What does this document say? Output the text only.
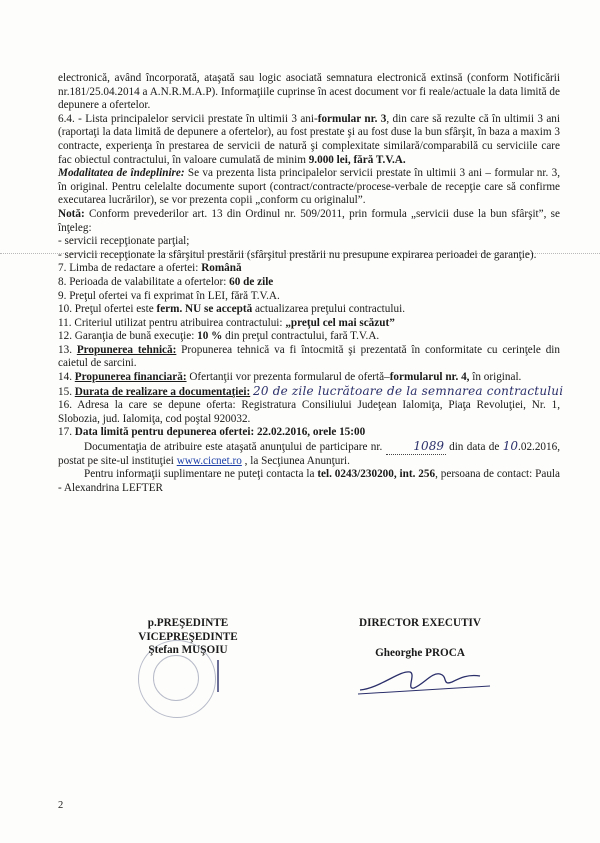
electronică, având încorporată, ataşată sau logic asociată semnatura electronică extinsă (conform Notificării nr.181/25.04.2014 a A.N.R.M.A.P). Informaţiile cuprinse în acest document vor fi reale/actuale la data limită de depunere a ofertelor.

6.4. - Lista principalelor servicii prestate în ultimii 3 ani-formular nr. 3, din care să rezulte că în ultimii 3 ani (raportaţi la data limită de depunere a ofertelor), au fost prestate şi au fost duse la bun sfârşit, în baza a maxim 3 contracte, experienţa în prestarea de servicii de natură şi complexitate similară/comparabilă cu serviciile care fac obiectul contractului, în valoare cumulată de minim 9.000 lei, fără T.V.A.

Modalitatea de îndeplinire: Se va prezenta lista principalelor servicii prestate în ultimii 3 ani – formular nr. 3, în original. Pentru celelalte documente suport (contract/contracte/procese-verbale de recepţie care să confirme executarea lucrărilor), se vor prezenta copii „conform cu originalul”.

Notă: Conform prevederilor art. 13 din Ordinul nr. 509/2011, prin formula „servicii duse la bun sfârşit”, se înţeleg:

- servicii recepţionate parţial;

- servicii recepţionate la sfârşitul prestării (sfârşitul prestării nu presupune expirarea perioadei de garanţie).

7. Limba de redactare a ofertei: Română

8. Perioada de valabilitate a ofertelor: 60 de zile

9. Preţul ofertei va fi exprimat în LEI, fără T.V.A.

10. Preţul ofertei este ferm. NU se acceptă actualizarea preţului contractului.

11. Criteriul utilizat pentru atribuirea contractului: „preţul cel mai scăzut”

12. Garanţia de bună execuţie: 10 % din preţul contractului, fară T.V.A.

13. Propunerea tehnică: Propunerea tehnică va fi întocmită şi prezentată în conformitate cu cerinţele din caietul de sarcini.

14. Propunerea financiară: Ofertanţii vor prezenta formularul de ofertă–formularul nr. 4, în original.

15. Durata de realizare a documentaţiei: 20 de zile lucrătoare de la semnarea contractului

16. Adresa la care se depune oferta: Registratura Consiliului Judeţean Ialomiţa, Piaţa Revoluţiei, Nr. 1, Slobozia, jud. Ialomiţa, cod poştal 920032.

17. Data limită pentru depunerea ofertei: 22.02.2016, orele 15:00

Documentaţia de atribuire este ataşată anunţului de participare nr. 1089 din data de 10.02.2016, postat pe site-ul instituţiei www.cicnet.ro , la Secţiunea Anunţuri.

Pentru informaţii suplimentare ne puteţi contacta la tel. 0243/230200, int. 256, persoana de contact: Paula - Alexandrina LEFTER

p.PREŞEDINTE
VICEPREŞEDINTE
Ştefan MUŞOIU
DIRECTOR EXECUTIV
Gheorghe PROCA
2
